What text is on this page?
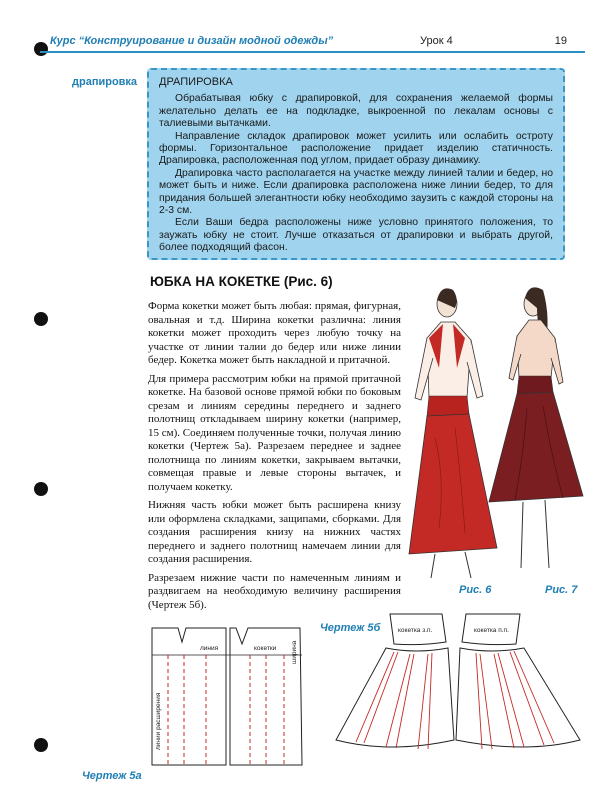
Курс “Конструирование и дизайн модной одежды”	Урок 4	19
драпировка ДРАПИРОВКА

Обрабатывая юбку с драпировкой, для сохранения желаемой формы желательно делать ее на подкладке, выкроенной по лекалам основы с талиевыми вытачками.

Направление складок драпировок может усилить или ослабить остроту формы. Горизонтальное расположение придает изделию статичность. Драпировка, расположенная под углом, придает образу динамику.

Драпировка часто располагается на участке между линией талии и бедер, но может быть и ниже. Если драпировка расположена ниже линии бедер, то для придания большей элегантности юбку необходимо заузить с каждой стороны на 2-3 см.

Если Ваши бедра расположены ниже условно принятого положения, то заужать юбку не стоит. Лучше отказаться от драпировки и выбрать другой, более подходящий фасон.

ЮБКА НА КОКЕТКЕ (Рис. 6)

Форма кокетки может быть любая: прямая, фигурная, овальная и т.д. Ширина кокетки различна: линия кокетки может проходить через любую точку на участке от линии талии до бедер или ниже линии бедер. Кокетка может быть накладной и притачной.

Для примера рассмотрим юбки на прямой притачной кокетке. На базовой основе прямой юбки по боковым срезам и линиям середины переднего и заднего полотнищ откладываем ширину кокетки (например, 15 см). Соединяем полученные точки, получая линию кокетки (Чертеж 5а). Разрезаем переднее и заднее полотнища по линиям кокетки, закрываем вытачки, совмещая правые и левые стороны вытачек, и получаем кокетку.

Нижняя часть юбки может быть расширена книзу или оформлена складками, защипами, сборками. Для создания расширения книзу на нижних частях переднего и заднего полотнищ намечаем линии для создания расширения.

Разрезаем нижние части по намеченным линиям и раздвигаем на необходимую величину расширения (Чертеж 5б).

Рис. 6	Рис. 7
линия	кокетки ширина
линии расширения
Чертеж 5а
Чертеж 5б	кокетка з.п.	кокетка п.п.
